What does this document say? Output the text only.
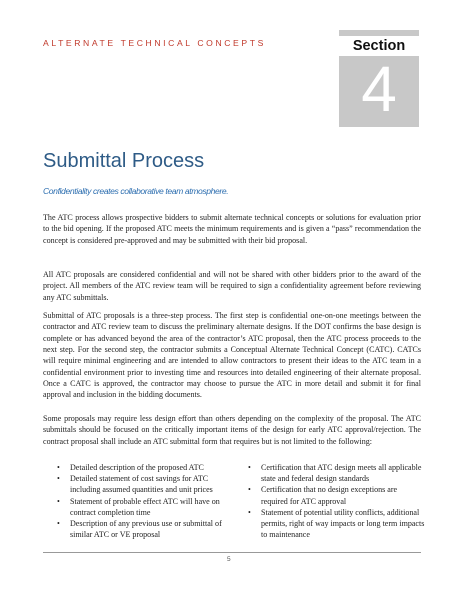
ALTERNATE TECHNICAL CONCEPTS	Section
4
Submittal Process
Confidentiality creates collaborative team atmosphere.

The ATC process allows prospective bidders to submit alternate technical concepts or solutions for evaluation prior to the bid opening. If the proposed ATC meets the minimum requirements and is given a “pass” recommendation the concept is considered pre-approved and may be submitted with their bid proposal.

All ATC proposals are considered confidential and will not be shared with other bidders prior to the award of the project. All members of the ATC review team will be required to sign a confidentiality agreement before reviewing any ATC submittals.

Submittal of ATC proposals is a three-step process. The first step is confidential one-on-one meetings between the contractor and ATC review team to discuss the preliminary alternate designs. If the DOT confirms the base design is complete or has advanced beyond the area of the contractor’s ATC proposal, then the ATC process proceeds to the next step. For the second step, the contractor submits a Conceptual Alternate Technical Concept (CATC). CATCs will require minimal engineering and are intended to allow contractors to present their ideas to the ATC team in a confidential environment prior to investing time and resources into detailed engineering of their alternate proposal. Once a CATC is approved, the contractor may choose to pursue the ATC in more detail and submit it for final approval and inclusion in the bidding documents.

Some proposals may require less design effort than others depending on the complexity of the proposal. The ATC submittals should be focused on the critically important items of the design for early ATC approval/rejection. The contract proposal shall include an ATC submittal form that requires but is not limited to the following:

• Detailed description of the proposed ATC
• Detailed statement of cost savings for ATC including assumed quantities and unit prices
• Statement of probable effect ATC will have on contract completion time
• Description of any previous use or submittal of similar ATC or VE proposal
• Certification that ATC design meets all applicable state and federal design standards
• Certification that no design exceptions are required for ATC approval
• Statement of potential utility conflicts, additional permits, right of way impacts or long term impacts to maintenance
5
